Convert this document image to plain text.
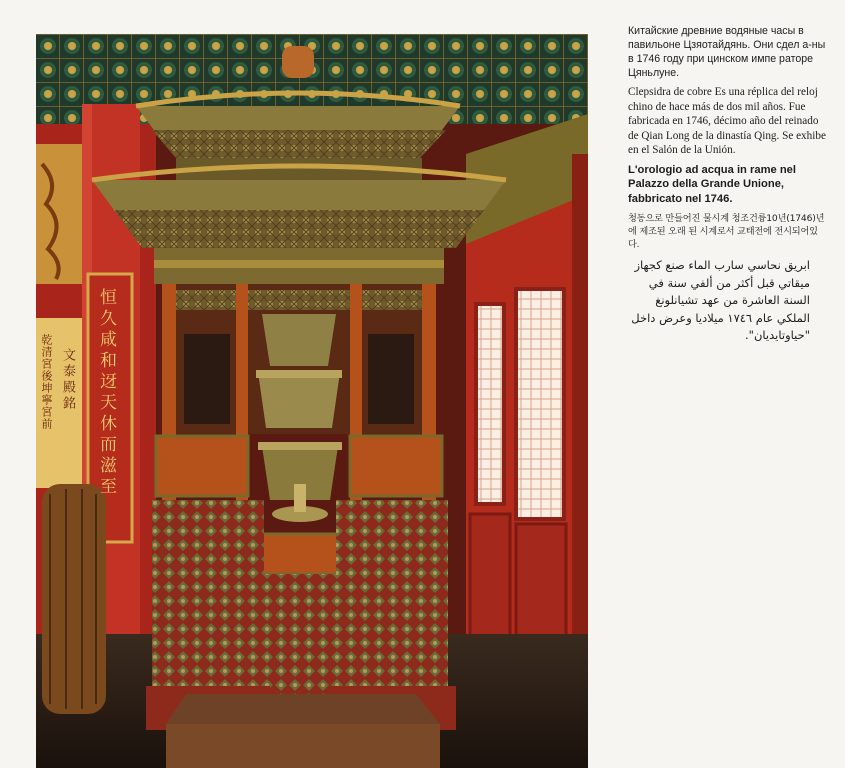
恒久咸和迓天休而滋至
文泰殿銘
乾清宮後坤寧宮前

Китайские древние водяные часы в павильоне Цзяотайдянь. Они сдел а-ны в 1746 году при цинском импе раторе Цяньлуне.

Clepsidra de cobre Es una réplica del reloj chino de hace más de dos mil años. Fue fabricada en 1746, décimo año del reinado de Qian Long de la dinastía Qing. Se exhibe en el Salón de la Unión.

L'orologio ad acqua in rame nel Palazzo della Grande Unione, fabbricato nel 1746.

청동으로 만들어진 물시계 청조건륭10년(1746)년에 제조된 오래 된 시계로서 교태전에 전시되어있다.

ابريق نحاسي سارب الماء صنع كجهاز ميقاتي قبل أكثر من ألفي سنة في السنة العاشرة من عهد تشيانلونغ الملكي عام ١٧٤٦ ميلاديا وعرض داخل "حياوتايديان".
